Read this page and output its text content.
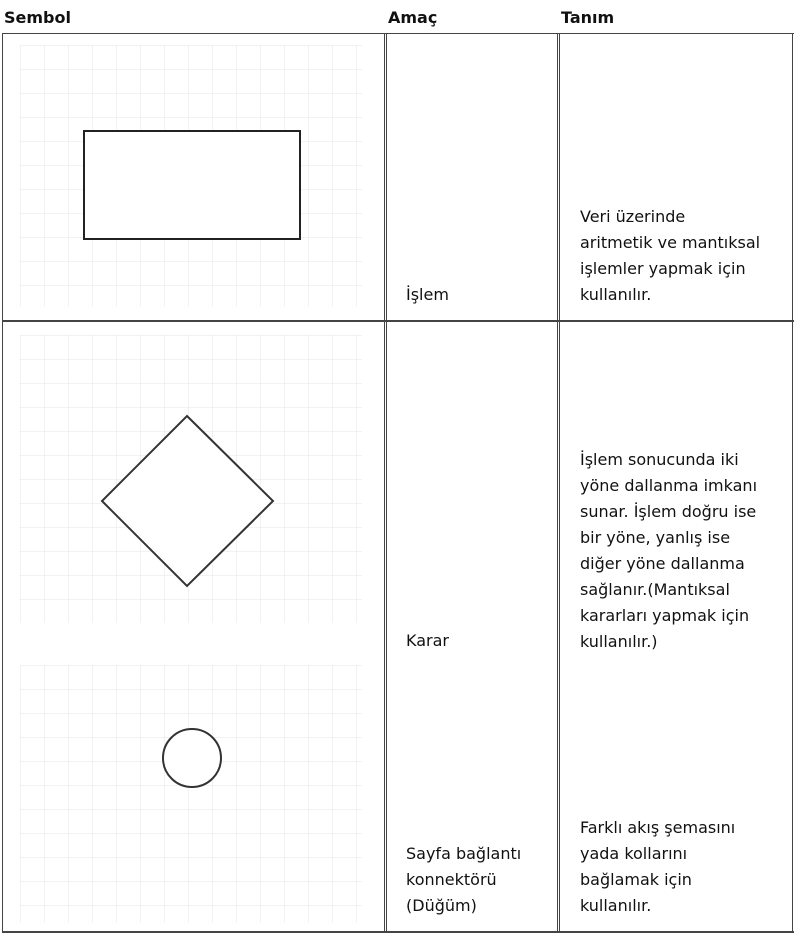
Sembol	Amaç	Tanım
İşlem
Veri üzerinde
aritmetik ve mantıksal
işlemler yapmak için
kullanılır.
Karar
İşlem sonucunda iki
yöne dallanma imkanı
sunar. İşlem doğru ise
bir yöne, yanlış ise
diğer yöne dallanma
sağlanır.(Mantıksal
kararları yapmak için
kullanılır.)
Sayfa bağlantı
konnektörü
(Düğüm)
Farklı akış şemasını
yada kollarını
bağlamak için
kullanılır.
